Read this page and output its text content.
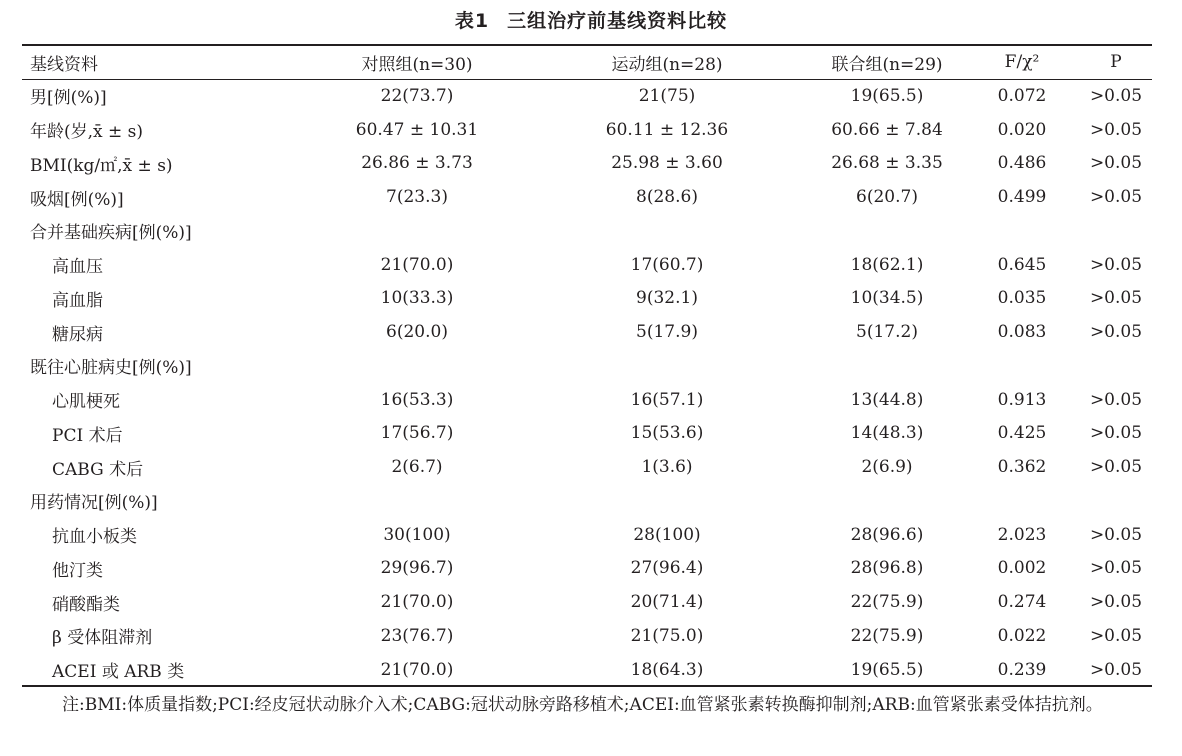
表1 三组治疗前基线资料比较
基线资料	对照组(n=30)	运动组(n=28)	联合组(n=29)	F/χ²	P
男[例(%)]	22(73.7)	21(75)	19(65.5)	0.072	>0.05
年龄(岁,x̄ ± s)	60.47 ± 10.31	60.11 ± 12.36	60.66 ± 7.84	0.020	>0.05
BMI(kg/㎡,x̄ ± s)	26.86 ± 3.73	25.98 ± 3.60	26.68 ± 3.35	0.486	>0.05
吸烟[例(%)]	7(23.3)	8(28.6)	6(20.7)	0.499	>0.05
合并基础疾病[例(%)]					
高血压	21(70.0)	17(60.7)	18(62.1)	0.645	>0.05
高血脂	10(33.3)	9(32.1)	10(34.5)	0.035	>0.05
糖尿病	6(20.0)	5(17.9)	5(17.2)	0.083	>0.05
既往心脏病史[例(%)]					
心肌梗死	16(53.3)	16(57.1)	13(44.8)	0.913	>0.05
PCI 术后	17(56.7)	15(53.6)	14(48.3)	0.425	>0.05
CABG 术后	2(6.7)	1(3.6)	2(6.9)	0.362	>0.05
用药情况[例(%)]					
抗血小板类	30(100)	28(100)	28(96.6)	2.023	>0.05
他汀类	29(96.7)	27(96.4)	28(96.8)	0.002	>0.05
硝酸酯类	21(70.0)	20(71.4)	22(75.9)	0.274	>0.05
β 受体阻滞剂	23(76.7)	21(75.0)	22(75.9)	0.022	>0.05
ACEI 或 ARB 类	21(70.0)	18(64.3)	19(65.5)	0.239	>0.05
注:BMI:体质量指数;PCI:经皮冠状动脉介入术;CABG:冠状动脉旁路移植术;ACEI:血管紧张素转换酶抑制剂;ARB:血管紧张素受体拮抗剂。
